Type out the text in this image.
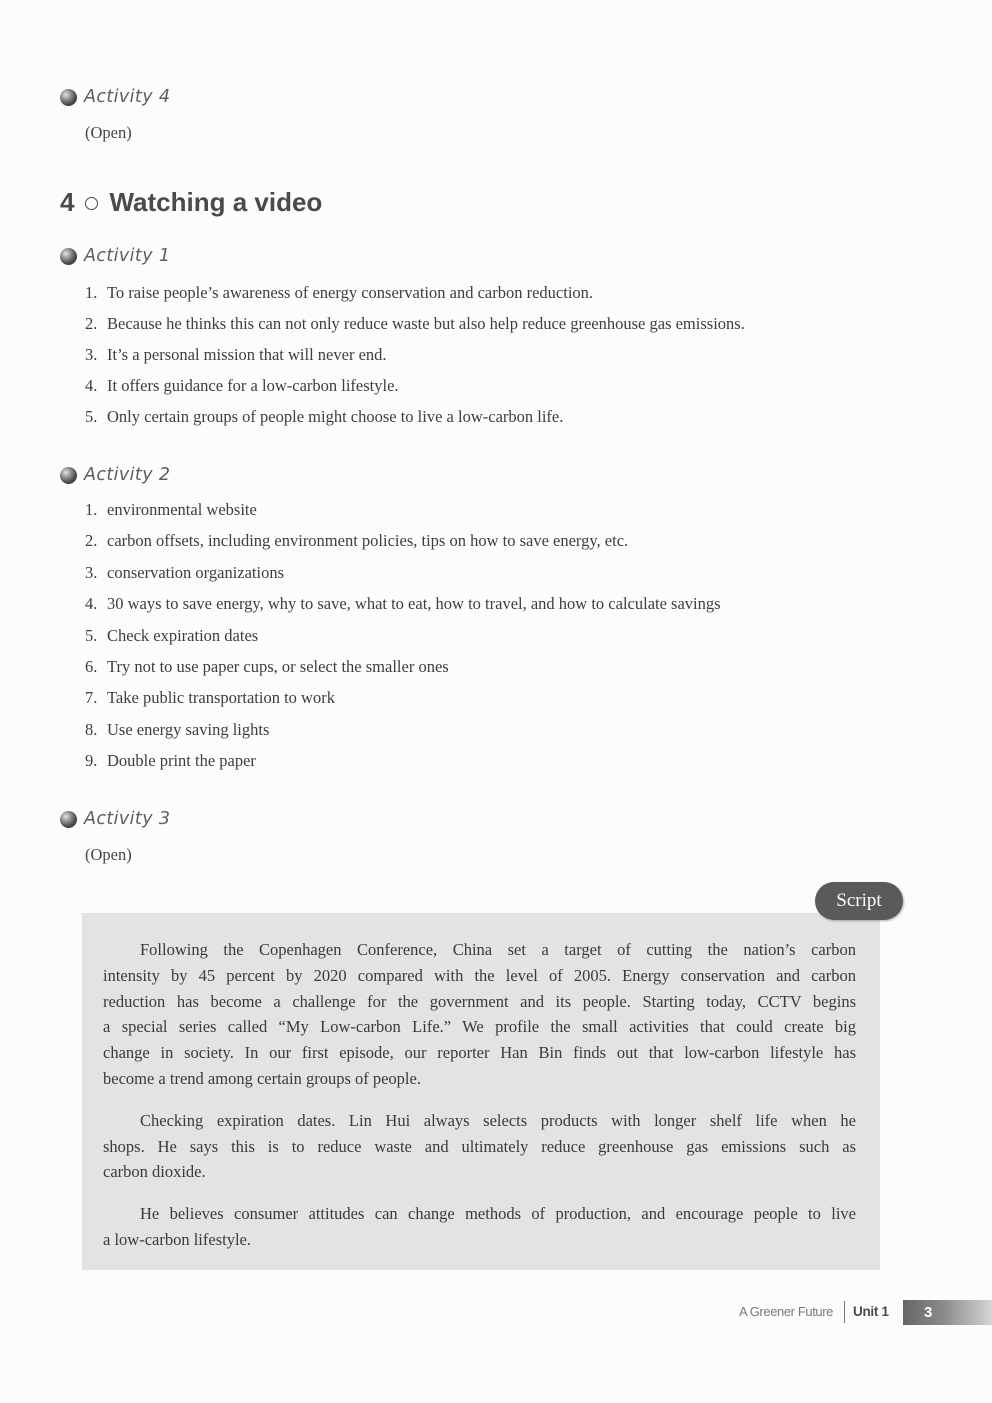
Activity 4
(Open)
4 Watching a video
Activity 1
1. To raise people’s awareness of energy conservation and carbon reduction.
2. Because he thinks this can not only reduce waste but also help reduce greenhouse gas emissions.
3. It’s a personal mission that will never end.
4. It offers guidance for a low-carbon lifestyle.
5. Only certain groups of people might choose to live a low-carbon life.
Activity 2
1. environmental website
2. carbon offsets, including environment policies, tips on how to save energy, etc.
3. conservation organizations
4. 30 ways to save energy, why to save, what to eat, how to travel, and how to calculate savings
5. Check expiration dates
6. Try not to use paper cups, or select the smaller ones
7. Take public transportation to work
8. Use energy saving lights
9. Double print the paper
Activity 3
(Open)
Script
Following the Copenhagen Conference, China set a target of cutting the nation’s carbon
intensity by 45 percent by 2020 compared with the level of 2005. Energy conservation and carbon
reduction has become a challenge for the government and its people. Starting today, CCTV begins
a special series called “My Low-carbon Life.” We profile the small activities that could create big
change in society. In our first episode, our reporter Han Bin finds out that low-carbon lifestyle has
become a trend among certain groups of people.
Checking expiration dates. Lin Hui always selects products with longer shelf life when he
shops. He says this is to reduce waste and ultimately reduce greenhouse gas emissions such as
carbon dioxide.
He believes consumer attitudes can change methods of production, and encourage people to live
a low-carbon lifestyle.
A Greener Future Unit 1 3
